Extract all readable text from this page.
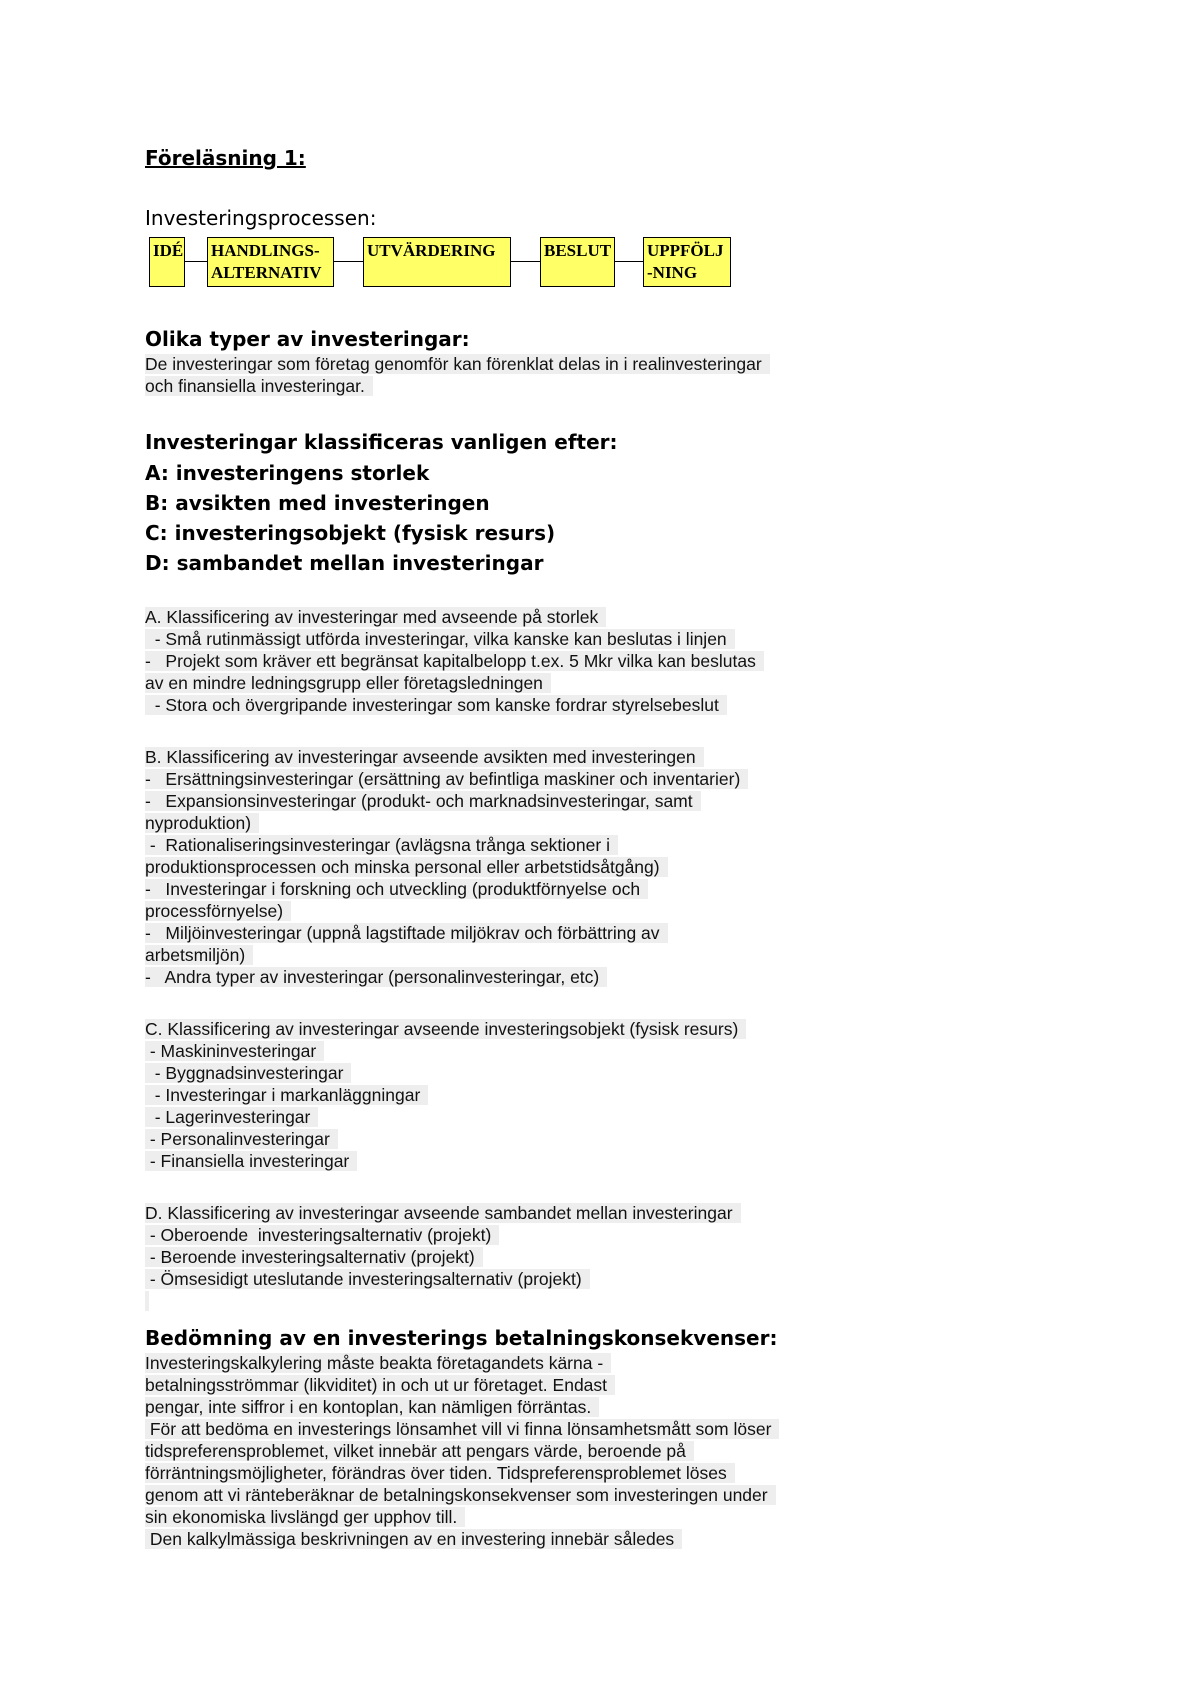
Föreläsning 1:
Investeringsprocessen:
IDÉ HANDLINGS-
ALTERNATIV
UTVÄRDERING	BESLUT UPPFÖLJ
-NING
Olika typer av investeringar:
De investeringar som företag genomför kan förenklat delas in i realinvesteringar
och finansiella investeringar.
Investeringar klassificeras vanligen efter:
A: investeringens storlek
B: avsikten med investeringen
C: investeringsobjekt (fysisk resurs)
D: sambandet mellan investeringar
A. Klassificering av investeringar med avseende på storlek
- Små rutinmässigt utförda investeringar, vilka kanske kan beslutas i linjen
-   Projekt som kräver ett begränsat kapitalbelopp t.ex. 5 Mkr vilka kan beslutas
av en mindre ledningsgrupp eller företagsledningen
- Stora och övergripande investeringar som kanske fordrar styrelsebeslut
B. Klassificering av investeringar avseende avsikten med investeringen
-   Ersättningsinvesteringar (ersättning av befintliga maskiner och inventarier)
-   Expansionsinvesteringar (produkt- och marknadsinvesteringar, samt
nyproduktion)
-  Rationaliseringsinvesteringar (avlägsna trånga sektioner i
produktionsprocessen och minska personal eller arbetstidsåtgång)
-   Investeringar i forskning och utveckling (produktförnyelse och
processförnyelse)
-   Miljöinvesteringar (uppnå lagstiftade miljökrav och förbättring av
arbetsmiljön)
-   Andra typer av investeringar (personalinvesteringar, etc)
C. Klassificering av investeringar avseende investeringsobjekt (fysisk resurs)
- Maskininvesteringar
- Byggnadsinvesteringar
- Investeringar i markanläggningar
- Lagerinvesteringar
- Personalinvesteringar
- Finansiella investeringar
D. Klassificering av investeringar avseende sambandet mellan investeringar
- Oberoende  investeringsalternativ (projekt)
- Beroende investeringsalternativ (projekt)
- Ömsesidigt uteslutande investeringsalternativ (projekt)
Bedömning av en investerings betalningskonsekvenser:
Investeringskalkylering måste beakta företagandets kärna -
betalningsströmmar (likviditet) in och ut ur företaget. Endast
pengar, inte siffror i en kontoplan, kan nämligen förräntas.
För att bedöma en investerings lönsamhet vill vi finna lönsamhetsmått som löser
tidspreferensproblemet, vilket innebär att pengars värde, beroende på
förräntningsmöjligheter, förändras över tiden. Tidspreferensproblemet löses
genom att vi ränteberäknar de betalningskonsekvenser som investeringen under
sin ekonomiska livslängd ger upphov till.
Den kalkylmässiga beskrivningen av en investering innebär således
